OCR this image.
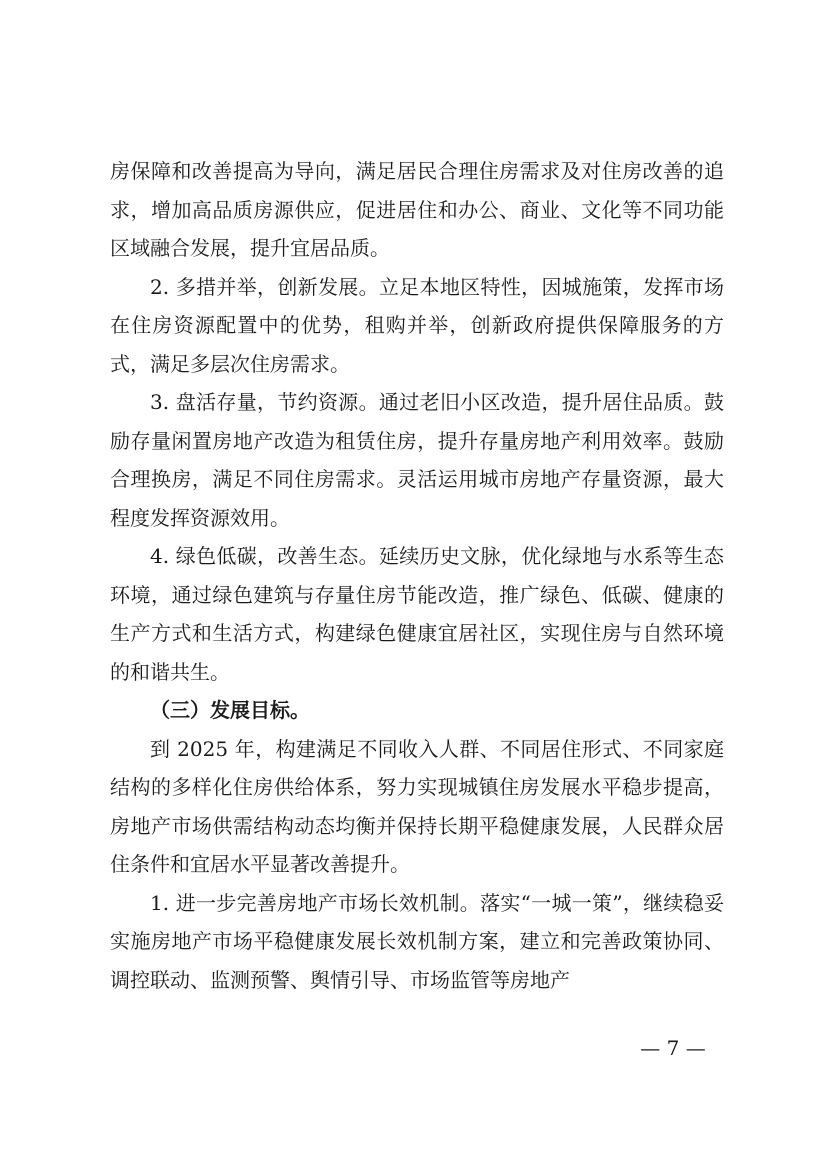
房保障和改善提高为导向，满足居民合理住房需求及对住房改善的追求，增加高品质房源供应，促进居住和办公、商业、文化等不同功能区域融合发展，提升宜居品质。

2. 多措并举，创新发展。立足本地区特性，因城施策，发挥市场在住房资源配置中的优势，租购并举，创新政府提供保障服务的方式，满足多层次住房需求。

3. 盘活存量，节约资源。通过老旧小区改造，提升居住品质。鼓励存量闲置房地产改造为租赁住房，提升存量房地产利用效率。鼓励合理换房，满足不同住房需求。灵活运用城市房地产存量资源，最大程度发挥资源效用。

4. 绿色低碳，改善生态。延续历史文脉，优化绿地与水系等生态环境，通过绿色建筑与存量住房节能改造，推广绿色、低碳、健康的生产方式和生活方式，构建绿色健康宜居社区，实现住房与自然环境的和谐共生。

（三）发展目标。

到 2025 年，构建满足不同收入人群、不同居住形式、不同家庭结构的多样化住房供给体系，努力实现城镇住房发展水平稳步提高，房地产市场供需结构动态均衡并保持长期平稳健康发展，人民群众居住条件和宜居水平显著改善提升。

1. 进一步完善房地产市场长效机制。落实“一城一策”，继续稳妥实施房地产市场平稳健康发展长效机制方案，建立和完善政策协同、调控联动、监测预警、舆情引导、市场监管等房地产

— 7 —
